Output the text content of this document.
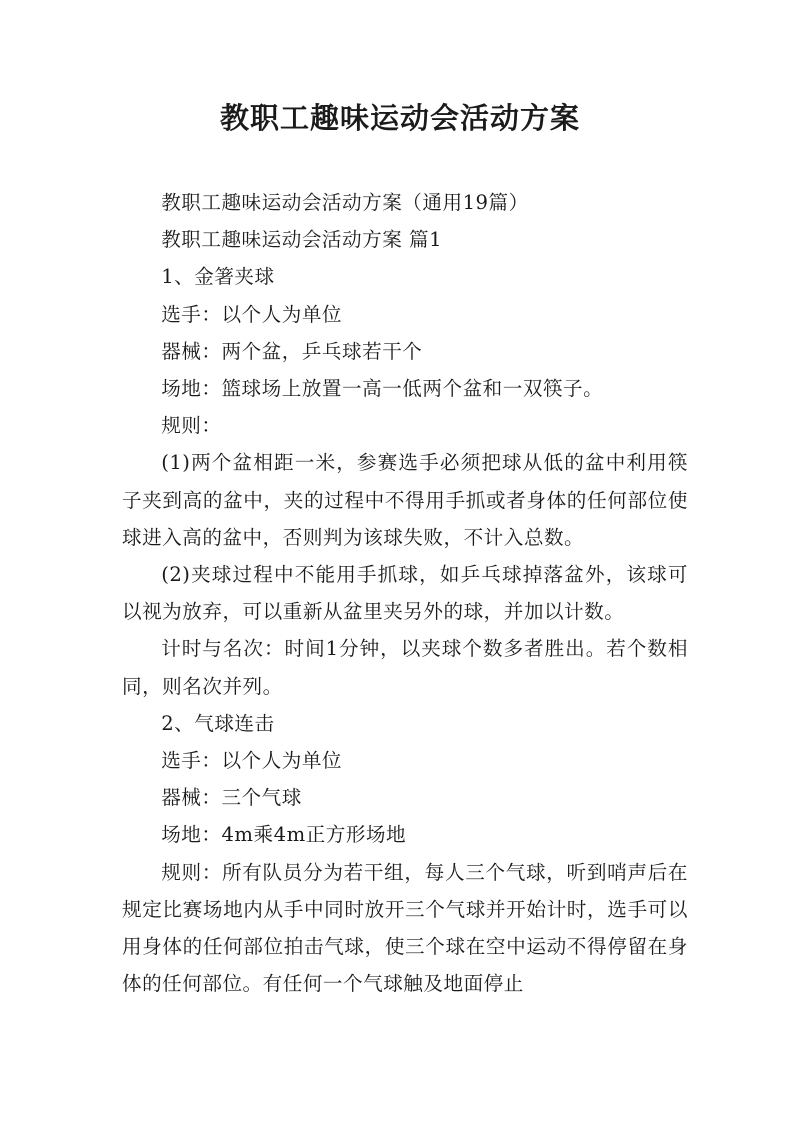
教职工趣味运动会活动方案

教职工趣味运动会活动方案（通用19篇）

教职工趣味运动会活动方案 篇1

1、金箸夹球

选手：以个人为单位

器械：两个盆，乒乓球若干个

场地：篮球场上放置一高一低两个盆和一双筷子。

规则：

(1)两个盆相距一米，参赛选手必须把球从低的盆中利用筷子夹到高的盆中，夹的过程中不得用手抓或者身体的任何部位使球进入高的盆中，否则判为该球失败，不计入总数。

(2)夹球过程中不能用手抓球，如乒乓球掉落盆外，该球可以视为放弃，可以重新从盆里夹另外的球，并加以计数。

计时与名次：时间1分钟，以夹球个数多者胜出。若个数相同，则名次并列。

2、气球连击

选手：以个人为单位

器械：三个气球

场地：4m乘4m正方形场地

规则：所有队员分为若干组，每人三个气球，听到哨声后在规定比赛场地内从手中同时放开三个气球并开始计时，选手可以用身体的任何部位拍击气球，使三个球在空中运动不得停留在身体的任何部位。有任何一个气球触及地面停止
